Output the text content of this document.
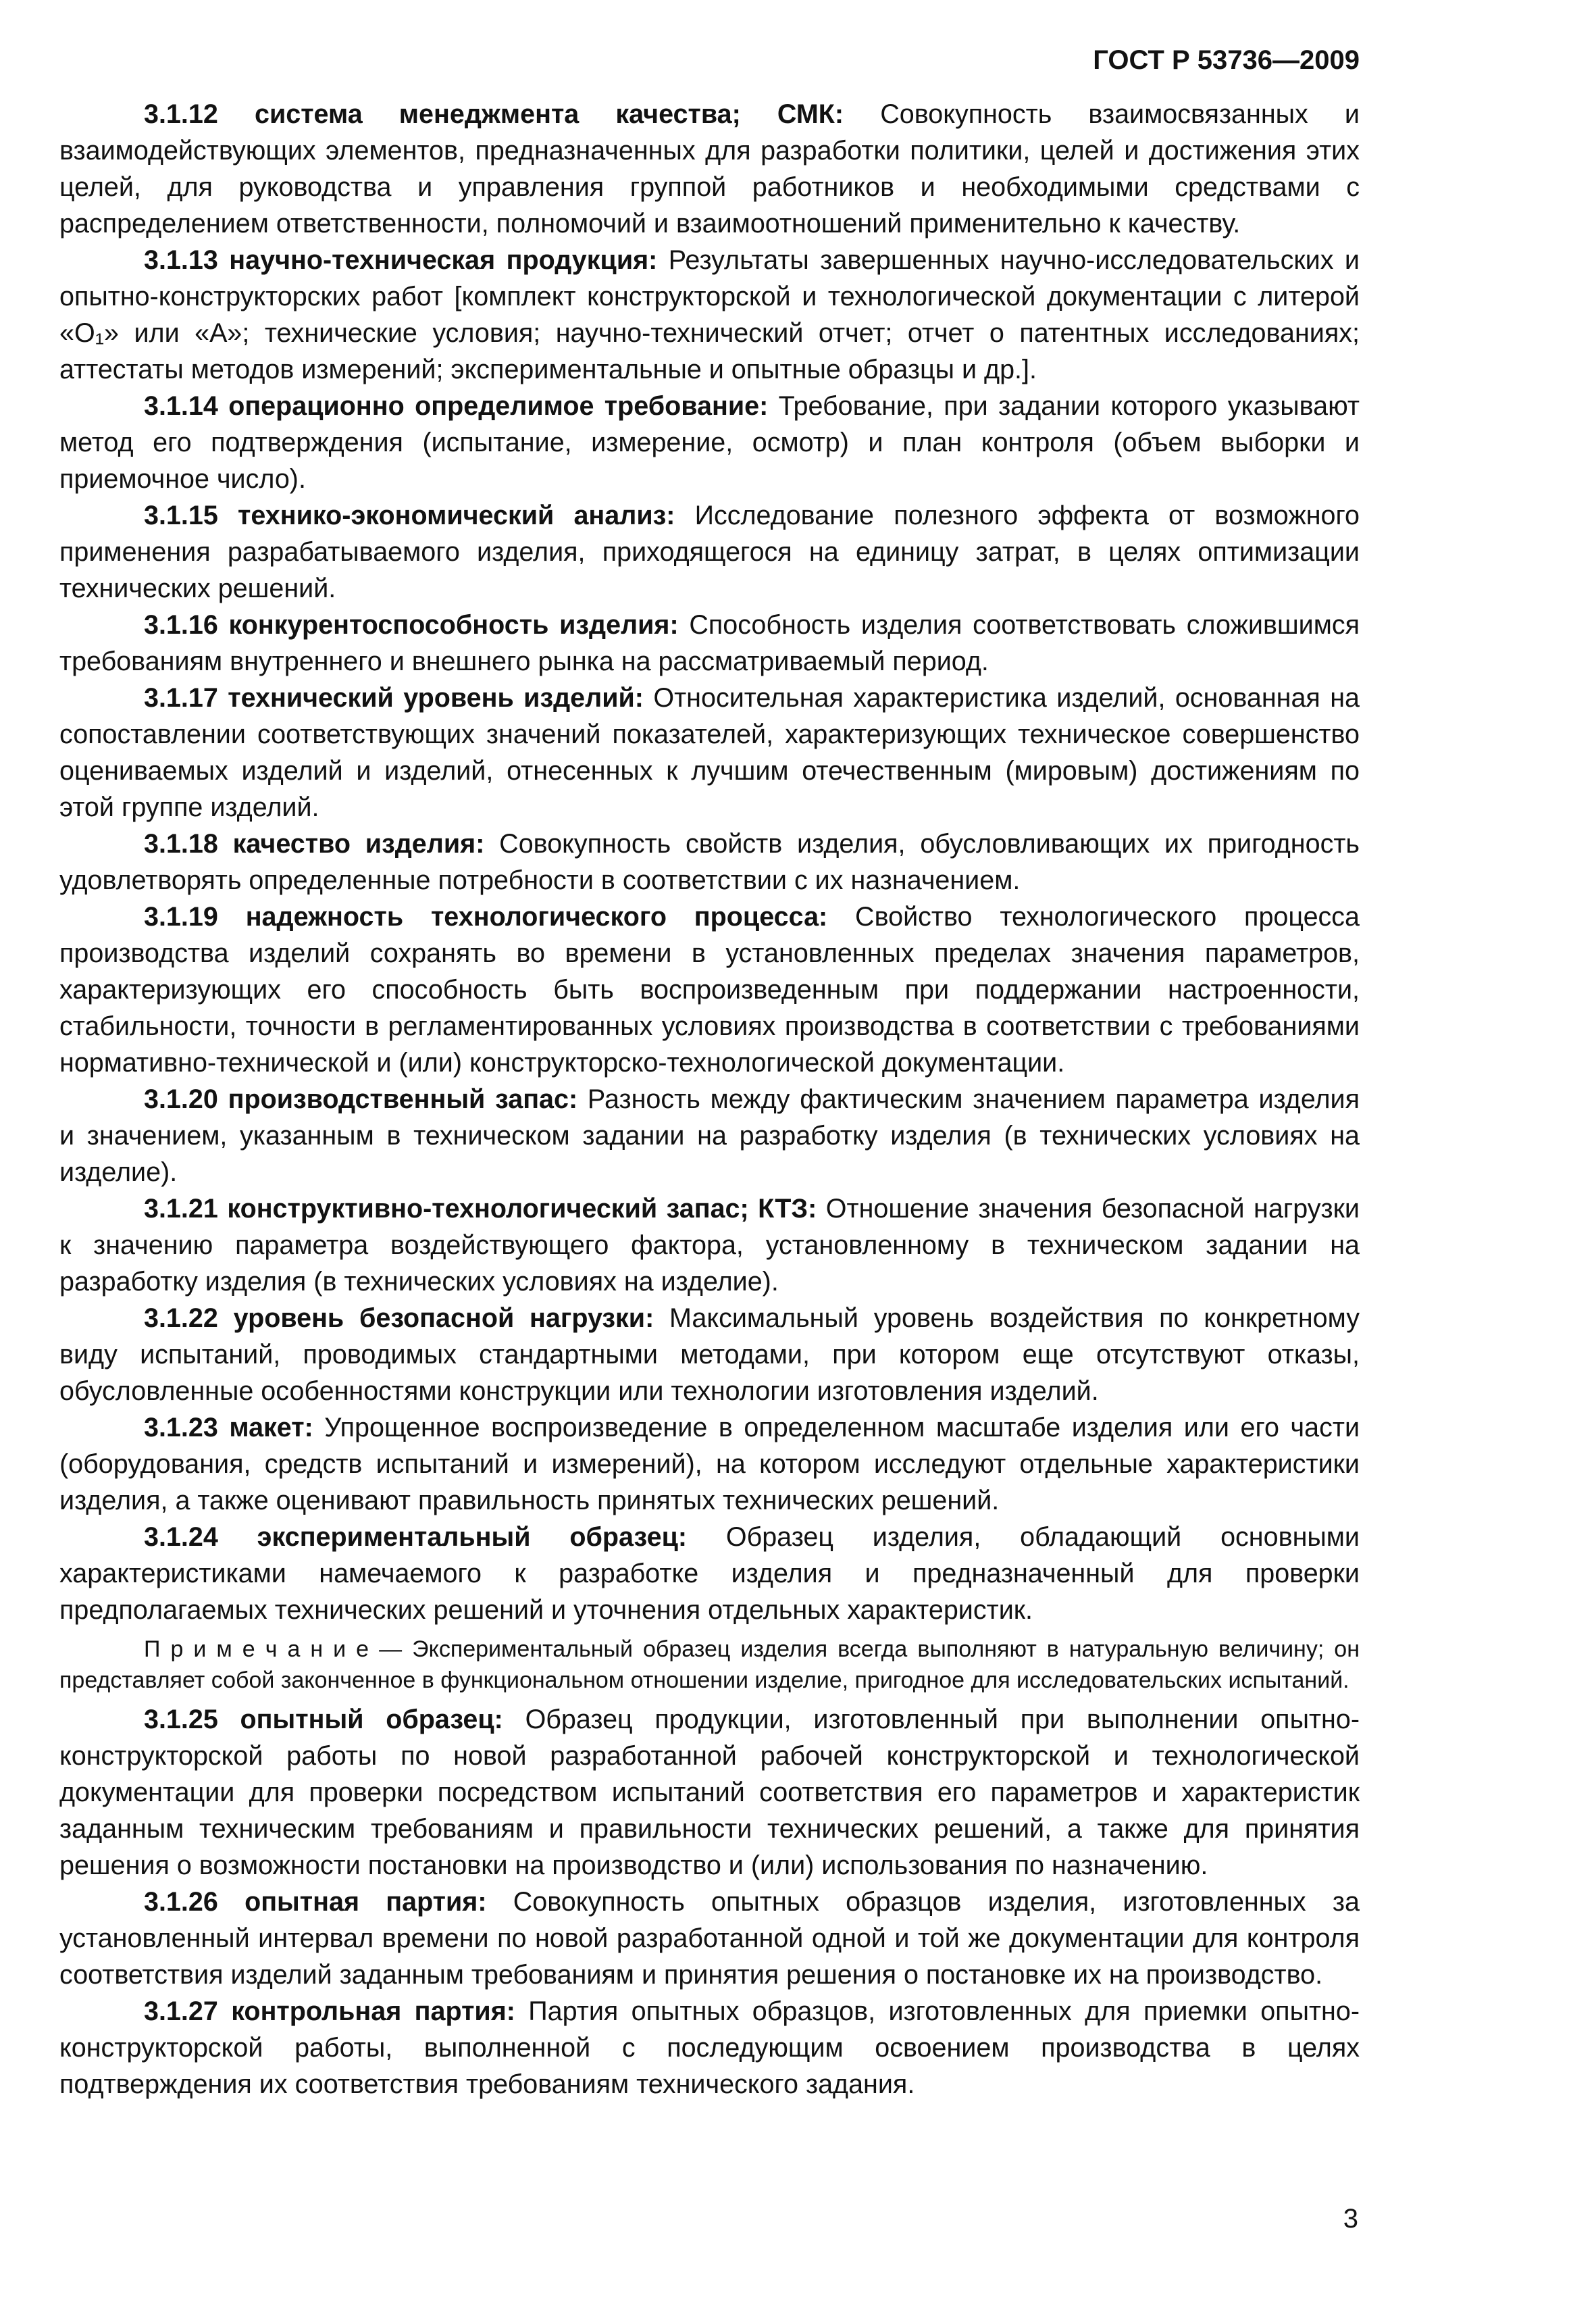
ГОСТ Р 53736—2009

3.1.12 система менеджмента качества; СМК: Совокупность взаимосвязанных и взаимодействующих элементов, предназначенных для разработки политики, целей и достижения этих целей, для руководства и управления группой работников и необходимыми средствами с распределением ответственности, полномочий и взаимоотношений применительно к качеству.

3.1.13 научно-техническая продукция: Результаты завершенных научно-исследовательских и опытно-конструкторских работ [комплект конструкторской и технологической документации с литерой «О₁» или «А»; технические условия; научно-технический отчет; отчет о патентных исследованиях; аттестаты методов измерений; экспериментальные и опытные образцы и др.].

3.1.14 операционно определимое требование: Требование, при задании которого указывают метод его подтверждения (испытание, измерение, осмотр) и план контроля (объем выборки и приемочное число).

3.1.15 технико-экономический анализ: Исследование полезного эффекта от возможного применения разрабатываемого изделия, приходящегося на единицу затрат, в целях оптимизации технических решений.

3.1.16 конкурентоспособность изделия: Способность изделия соответствовать сложившимся требованиям внутреннего и внешнего рынка на рассматриваемый период.

3.1.17 технический уровень изделий: Относительная характеристика изделий, основанная на сопоставлении соответствующих значений показателей, характеризующих техническое совершенство оцениваемых изделий и изделий, отнесенных к лучшим отечественным (мировым) достижениям по этой группе изделий.

3.1.18 качество изделия: Совокупность свойств изделия, обусловливающих их пригодность удовлетворять определенные потребности в соответствии с их назначением.

3.1.19 надежность технологического процесса: Свойство технологического процесса производства изделий сохранять во времени в установленных пределах значения параметров, характеризующих его способность быть воспроизведенным при поддержании настроенности, стабильности, точности в регламентированных условиях производства в соответствии с требованиями нормативно-технической и (или) конструкторско-технологической документации.

3.1.20 производственный запас: Разность между фактическим значением параметра изделия и значением, указанным в техническом задании на разработку изделия (в технических условиях на изделие).

3.1.21 конструктивно-технологический запас; КТЗ: Отношение значения безопасной нагрузки к значению параметра воздействующего фактора, установленному в техническом задании на разработку изделия (в технических условиях на изделие).

3.1.22 уровень безопасной нагрузки: Максимальный уровень воздействия по конкретному виду испытаний, проводимых стандартными методами, при котором еще отсутствуют отказы, обусловленные особенностями конструкции или технологии изготовления изделий.

3.1.23 макет: Упрощенное воспроизведение в определенном масштабе изделия или его части (оборудования, средств испытаний и измерений), на котором исследуют отдельные характеристики изделия, а также оценивают правильность принятых технических решений.

3.1.24 экспериментальный образец: Образец изделия, обладающий основными характеристиками намечаемого к разработке изделия и предназначенный для проверки предполагаемых технических решений и уточнения отдельных характеристик.

П р и м е ч а н и е — Экспериментальный образец изделия всегда выполняют в натуральную величину; он представляет собой законченное в функциональном отношении изделие, пригодное для исследовательских испытаний.

3.1.25 опытный образец: Образец продукции, изготовленный при выполнении опытно-конструкторской работы по новой разработанной рабочей конструкторской и технологической документации для проверки посредством испытаний соответствия его параметров и характеристик заданным техническим требованиям и правильности технических решений, а также для принятия решения о возможности постановки на производство и (или) использования по назначению.

3.1.26 опытная партия: Совокупность опытных образцов изделия, изготовленных за установленный интервал времени по новой разработанной одной и той же документации для контроля соответствия изделий заданным требованиям и принятия решения о постановке их на производство.

3.1.27 контрольная партия: Партия опытных образцов, изготовленных для приемки опытно-конструкторской работы, выполненной с последующим освоением производства в целях подтверждения их соответствия требованиям технического задания.

3
